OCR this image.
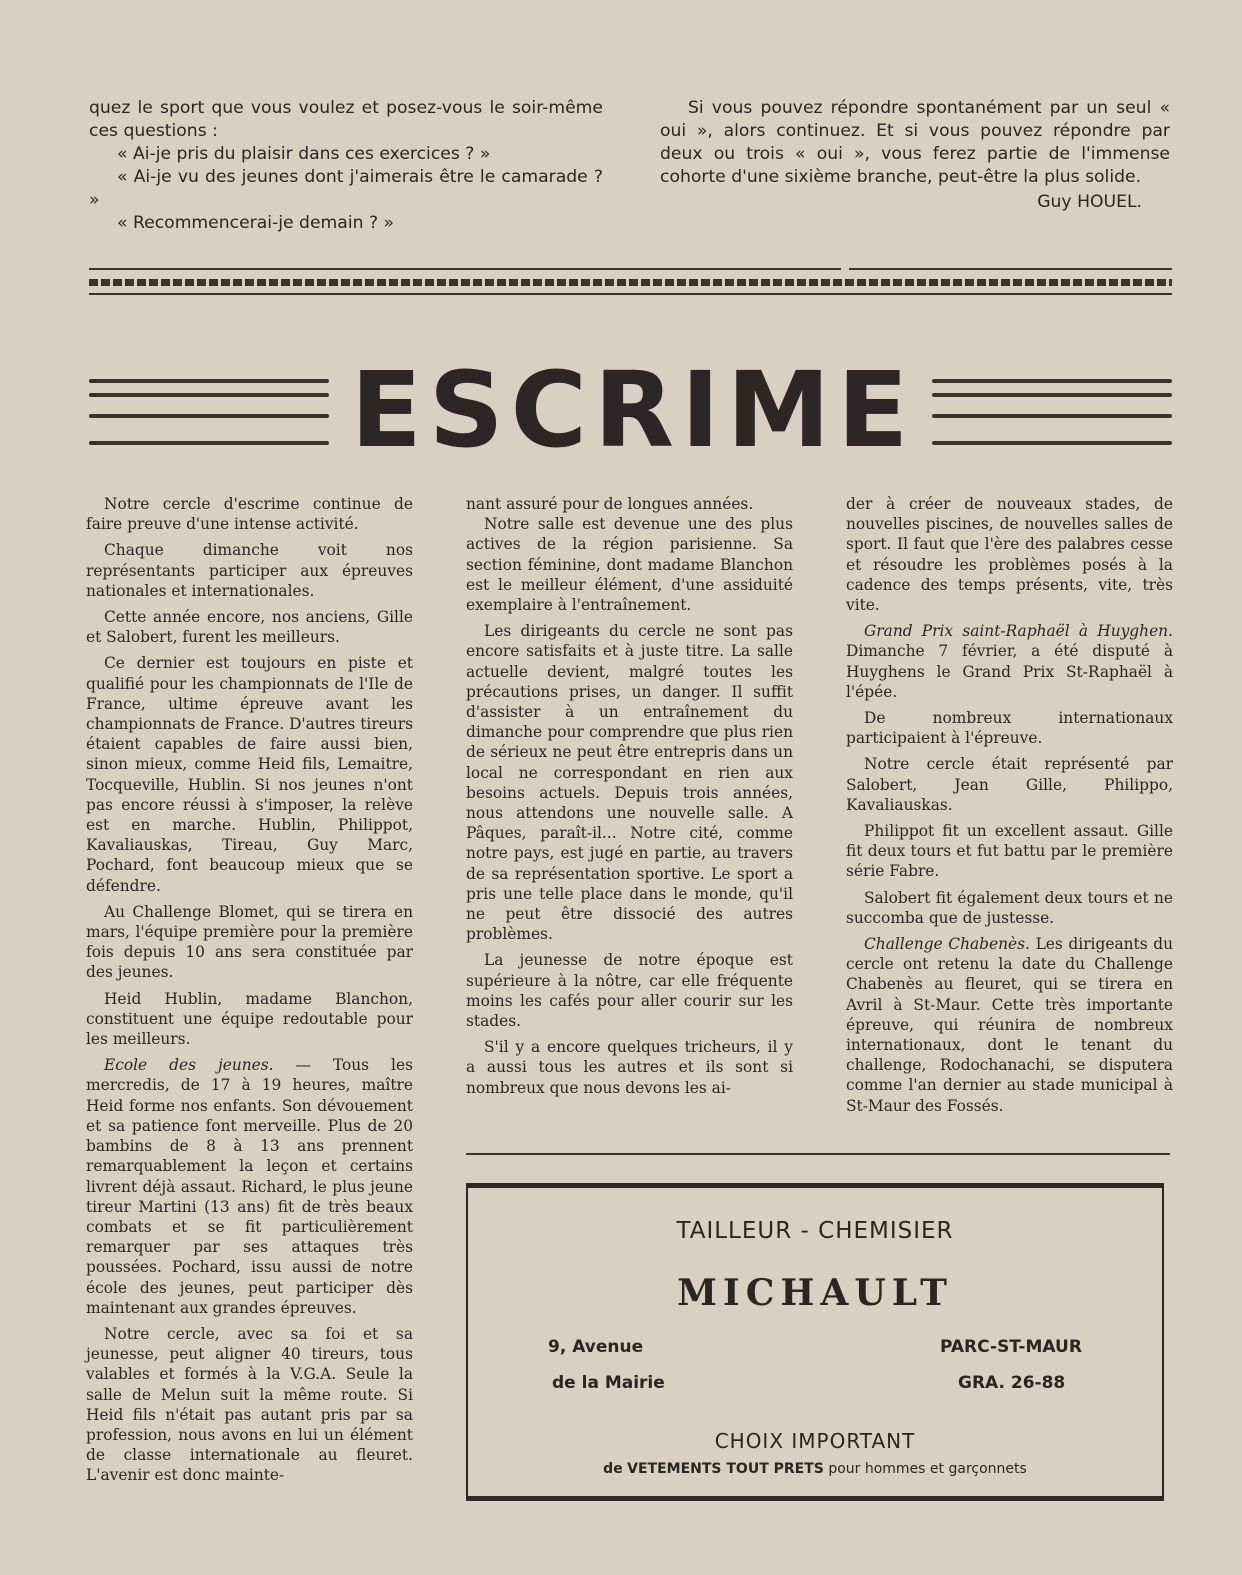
quez le sport que vous voulez et posez-vous le soir-même ces questions :

« Ai-je pris du plaisir dans ces exercices ? »

« Ai-je vu des jeunes dont j'aimerais être le camarade ? »

« Recommencerai-je demain ? »

Si vous pouvez répondre spontanément par un seul « oui », alors continuez. Et si vous pouvez répondre par deux ou trois « oui », vous ferez partie de l'immense cohorte d'une sixième branche, peut-être la plus solide.

Guy HOUEL.

ESCRIME

Notre cercle d'escrime continue de faire preuve d'une intense activité.

Chaque dimanche voit nos représentants participer aux épreuves nationales et internationales.

Cette année encore, nos anciens, Gille et Salobert, furent les meilleurs.

Ce dernier est toujours en piste et qualifié pour les championnats de l'Ile de France, ultime épreuve avant les championnats de France. D'autres tireurs étaient capables de faire aussi bien, sinon mieux, comme Heid fils, Lemaitre, Tocqueville, Hublin. Si nos jeunes n'ont pas encore réussi à s'imposer, la relève est en marche. Hublin, Philippot, Kavaliauskas, Tireau, Guy Marc, Pochard, font beaucoup mieux que se défendre.

Au Challenge Blomet, qui se tirera en mars, l'équipe première pour la première fois depuis 10 ans sera constituée par des jeunes.

Heid Hublin, madame Blanchon, constituent une équipe redoutable pour les meilleurs.

Ecole des jeunes. — Tous les mercredis, de 17 à 19 heures, maître Heid forme nos enfants. Son dévouement et sa patience font merveille. Plus de 20 bambins de 8 à 13 ans prennent remarquablement la leçon et certains livrent déjà assaut. Richard, le plus jeune tireur Martini (13 ans) fit de très beaux combats et se fit particulièrement remarquer par ses attaques très poussées. Pochard, issu aussi de notre école des jeunes, peut participer dès maintenant aux grandes épreuves.

Notre cercle, avec sa foi et sa jeunesse, peut aligner 40 tireurs, tous valables et formés à la V.G.A. Seule la salle de Melun suit la même route. Si Heid fils n'était pas autant pris par sa profession, nous avons en lui un élément de classe internationale au fleuret. L'avenir est donc mainte-

nant assuré pour de longues années.

Notre salle est devenue une des plus actives de la région parisienne. Sa section féminine, dont madame Blanchon est le meilleur élément, d'une assiduité exemplaire à l'entraînement.

Les dirigeants du cercle ne sont pas encore satisfaits et à juste titre. La salle actuelle devient, malgré toutes les précautions prises, un danger. Il suffit d'assister à un entraînement du dimanche pour comprendre que plus rien de sérieux ne peut être entrepris dans un local ne correspondant en rien aux besoins actuels. Depuis trois années, nous attendons une nouvelle salle. A Pâques, paraît-il... Notre cité, comme notre pays, est jugé en partie, au travers de sa représentation sportive. Le sport a pris une telle place dans le monde, qu'il ne peut être dissocié des autres problèmes.

La jeunesse de notre époque est supérieure à la nôtre, car elle fréquente moins les cafés pour aller courir sur les stades.

S'il y a encore quelques tricheurs, il y a aussi tous les autres et ils sont si nombreux que nous devons les ai-

der à créer de nouveaux stades, de nouvelles piscines, de nouvelles salles de sport. Il faut que l'ère des palabres cesse et résoudre les problèmes posés à la cadence des temps présents, vite, très vite.

Grand Prix saint-Raphaël à Huyghen. Dimanche 7 février, a été disputé à Huyghens le Grand Prix St-Raphaël à l'épée.

De nombreux internationaux participaient à l'épreuve.

Notre cercle était représenté par Salobert, Jean Gille, Philippo, Kavaliauskas.

Philippot fit un excellent assaut. Gille fit deux tours et fut battu par le première série Fabre.

Salobert fit également deux tours et ne succomba que de justesse.

Challenge Chabenès. Les dirigeants du cercle ont retenu la date du Challenge Chabenès au fleuret, qui se tirera en Avril à St-Maur. Cette très importante épreuve, qui réunira de nombreux internationaux, dont le tenant du challenge, Rodochanachi, se disputera comme l'an dernier au stade municipal à St-Maur des Fossés.

TAILLEUR - CHEMISIER
MICHAULT
9, Avenue
de la Mairie
PARC-ST-MAUR
GRA. 26-88
CHOIX IMPORTANT
de VETEMENTS TOUT PRETS pour hommes et garçonnets
